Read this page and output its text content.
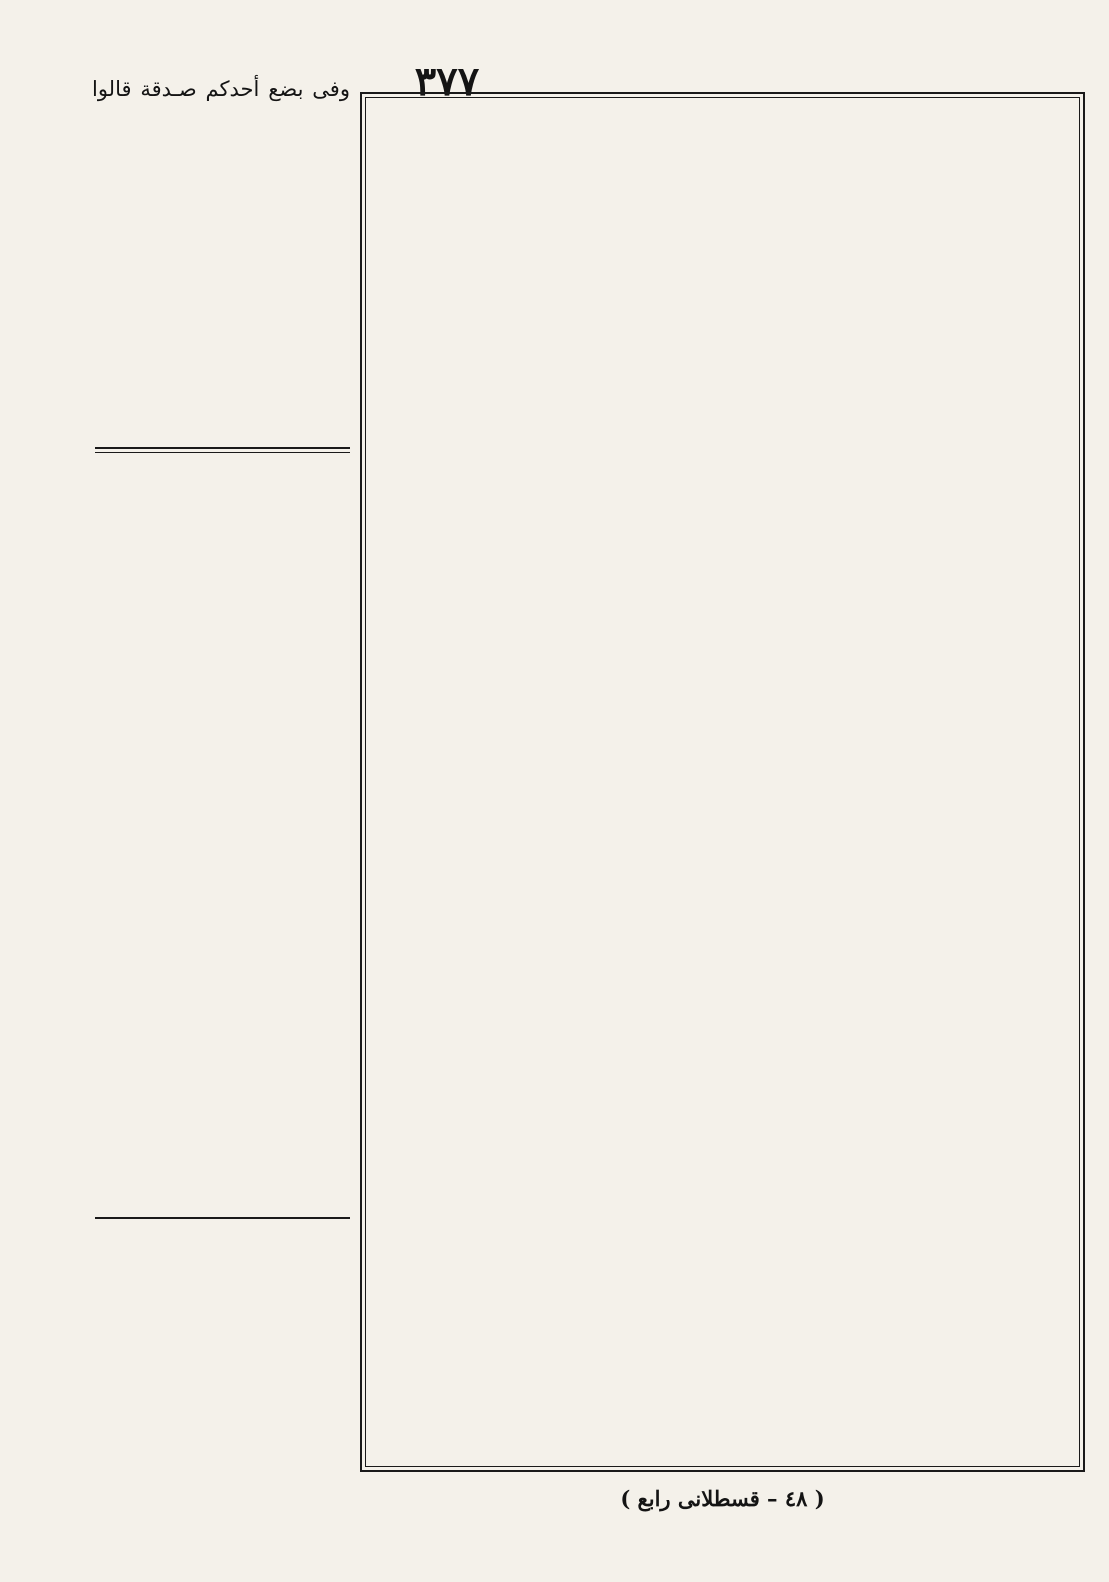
٣٧٧
وفى بضع أحدكم صـدقة قالوا
( ٤٨ – قسطلانى رابع )
